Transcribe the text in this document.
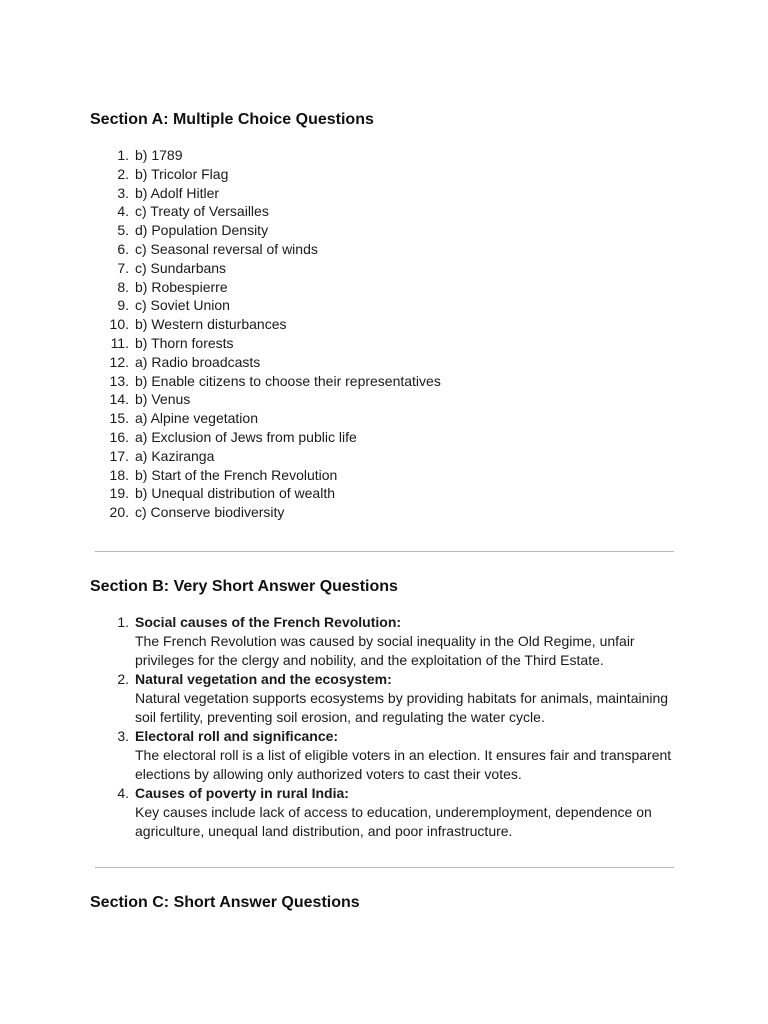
Section A: Multiple Choice Questions
1. b) 1789
2. b) Tricolor Flag
3. b) Adolf Hitler
4. c) Treaty of Versailles
5. d) Population Density
6. c) Seasonal reversal of winds
7. c) Sundarbans
8. b) Robespierre
9. c) Soviet Union
10. b) Western disturbances
11. b) Thorn forests
12. a) Radio broadcasts
13. b) Enable citizens to choose their representatives
14. b) Venus
15. a) Alpine vegetation
16. a) Exclusion of Jews from public life
17. a) Kaziranga
18. b) Start of the French Revolution
19. b) Unequal distribution of wealth
20. c) Conserve biodiversity
Section B: Very Short Answer Questions
1. Social causes of the French Revolution:
The French Revolution was caused by social inequality in the Old Regime, unfair privileges for the clergy and nobility, and the exploitation of the Third Estate.
2. Natural vegetation and the ecosystem:
Natural vegetation supports ecosystems by providing habitats for animals, maintaining soil fertility, preventing soil erosion, and regulating the water cycle.
3. Electoral roll and significance:
The electoral roll is a list of eligible voters in an election. It ensures fair and transparent elections by allowing only authorized voters to cast their votes.
4. Causes of poverty in rural India:
Key causes include lack of access to education, underemployment, dependence on agriculture, unequal land distribution, and poor infrastructure.
Section C: Short Answer Questions
